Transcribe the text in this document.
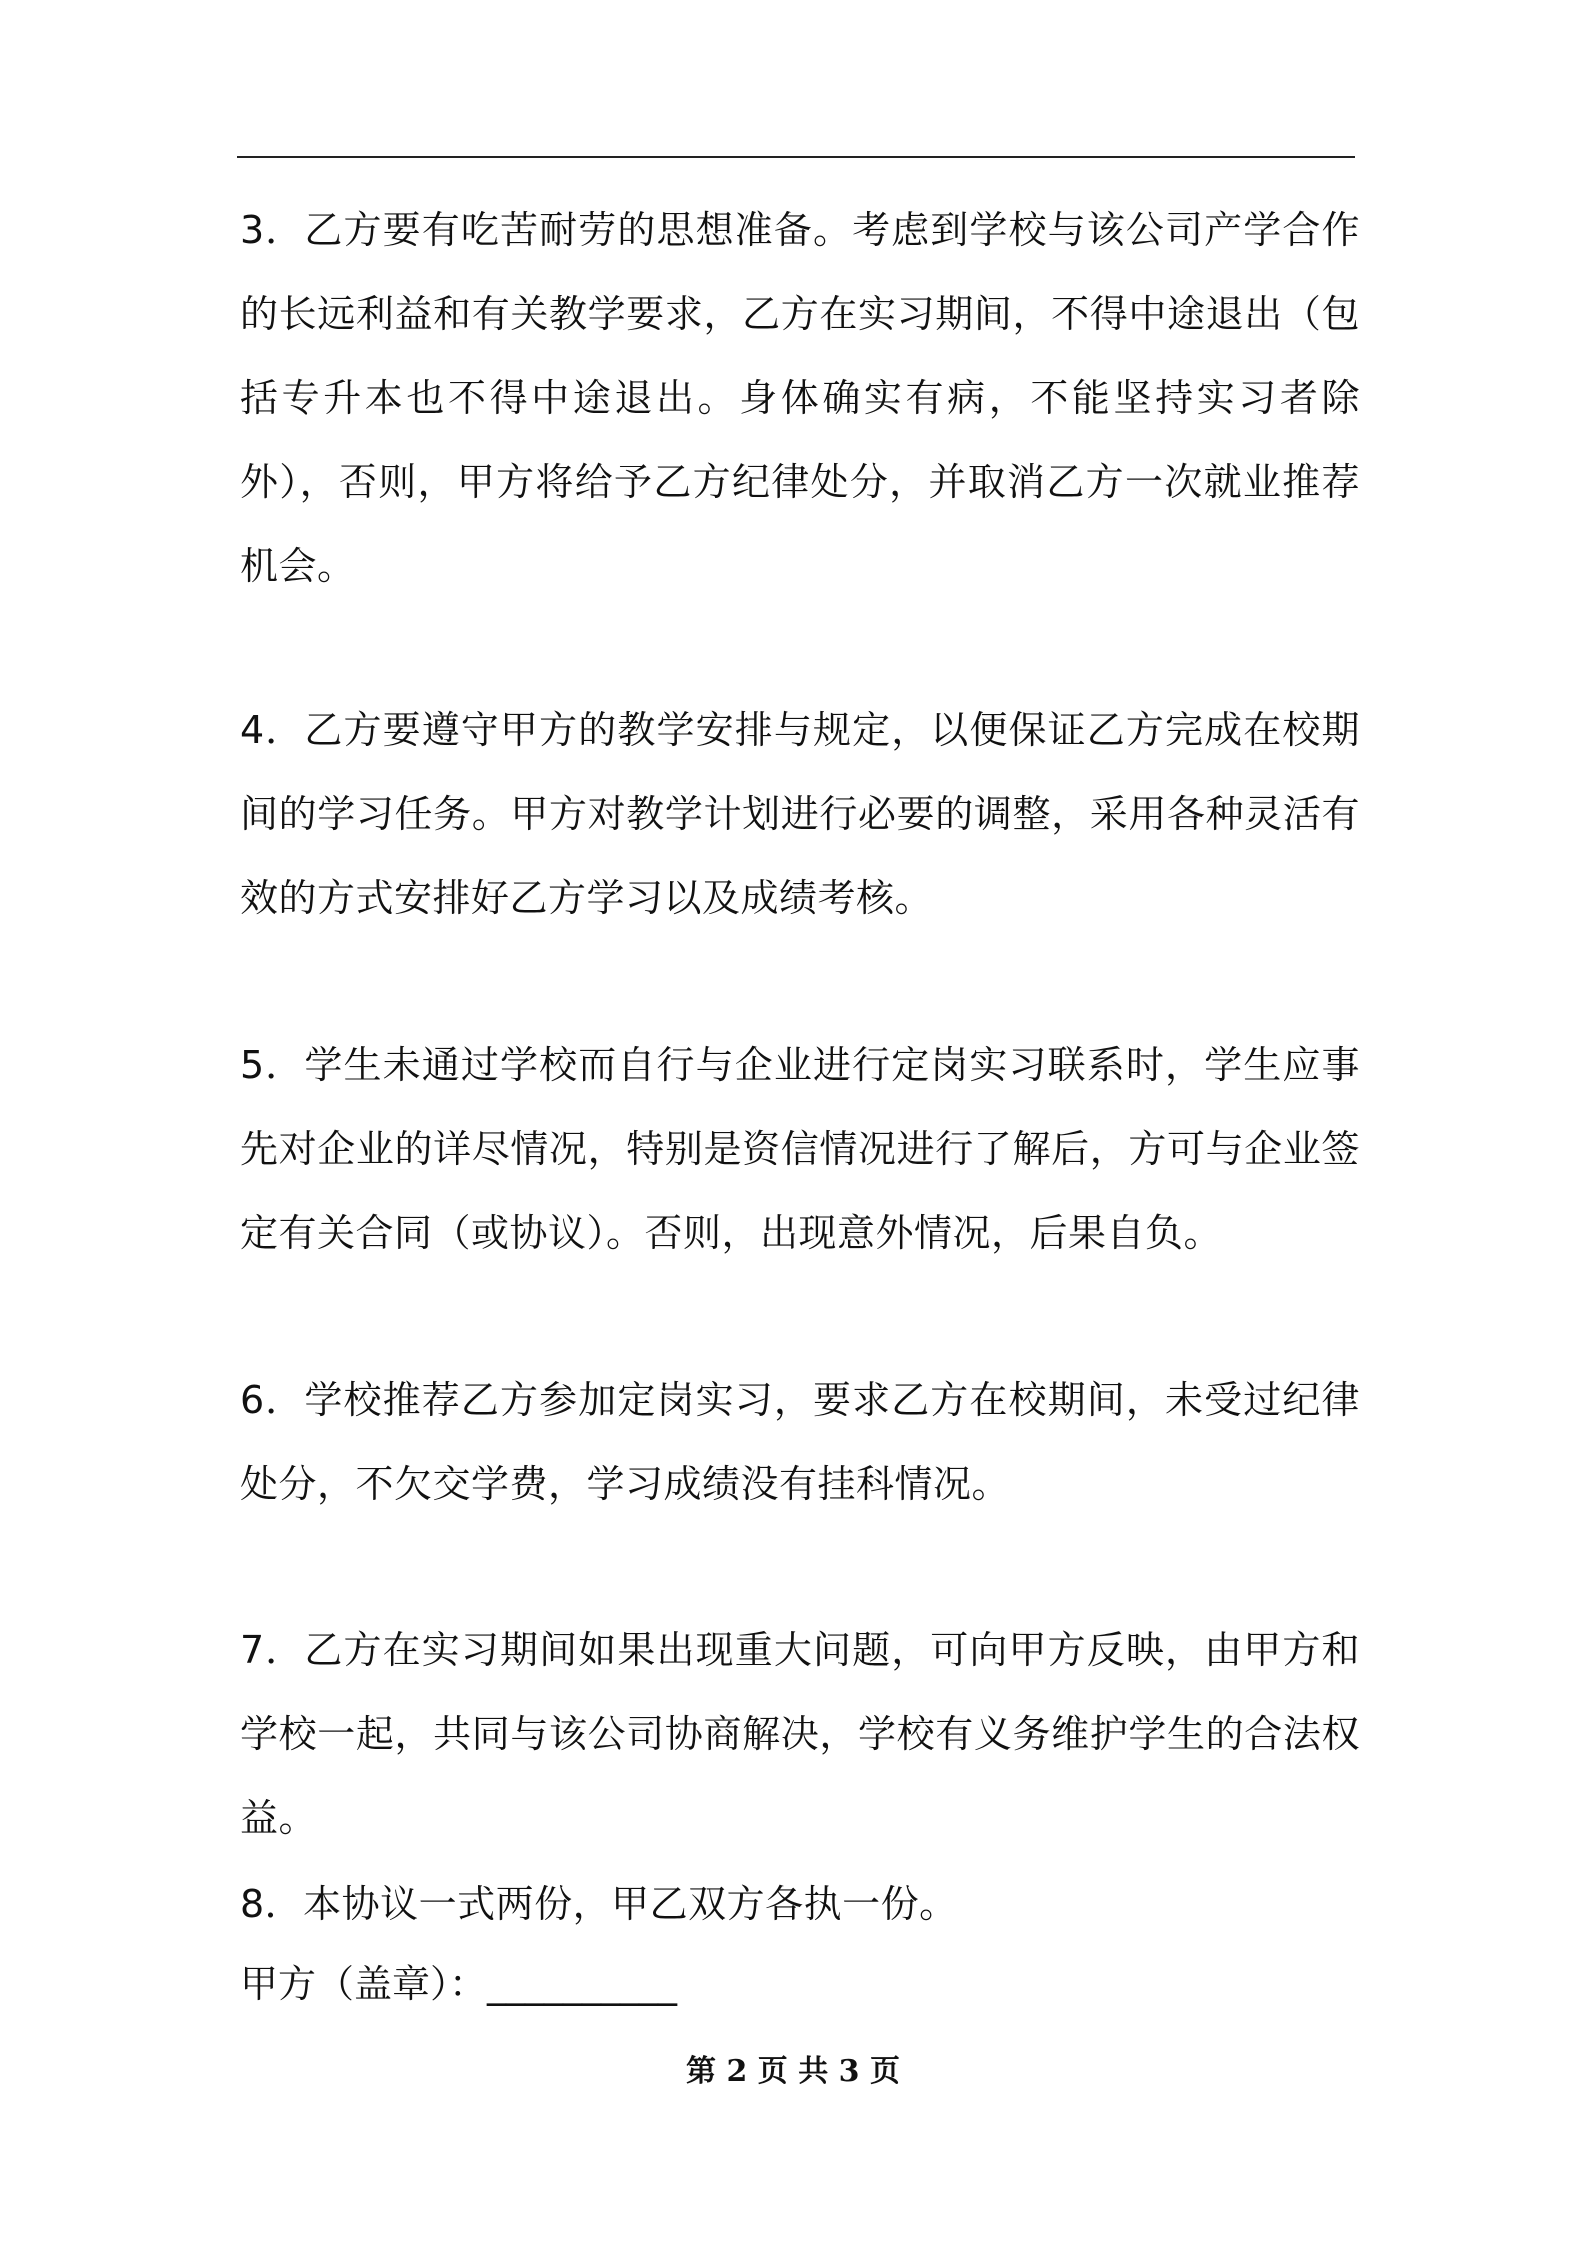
3．乙方要有吃苦耐劳的思想准备。考虑到学校与该公司产学合作的长远利益和有关教学要求，乙方在实习期间，不得中途退出（包括专升本也不得中途退出。身体确实有病，不能坚持实习者除外），否则，甲方将给予乙方纪律处分，并取消乙方一次就业推荐机会。

4．乙方要遵守甲方的教学安排与规定，以便保证乙方完成在校期间的学习任务。甲方对教学计划进行必要的调整，采用各种灵活有效的方式安排好乙方学习以及成绩考核。

5．学生未通过学校而自行与企业进行定岗实习联系时，学生应事先对企业的详尽情况，特别是资信情况进行了解后，方可与企业签定有关合同（或协议）。否则，出现意外情况，后果自负。

6．学校推荐乙方参加定岗实习，要求乙方在校期间，未受过纪律处分，不欠交学费，学习成绩没有挂科情况。

7．乙方在实习期间如果出现重大问题，可向甲方反映，由甲方和学校一起，共同与该公司协商解决，学校有义务维护学生的合法权益。

8．本协议一式两份，甲乙双方各执一份。

甲方（盖章）：__________

第 2 页 共 3 页
